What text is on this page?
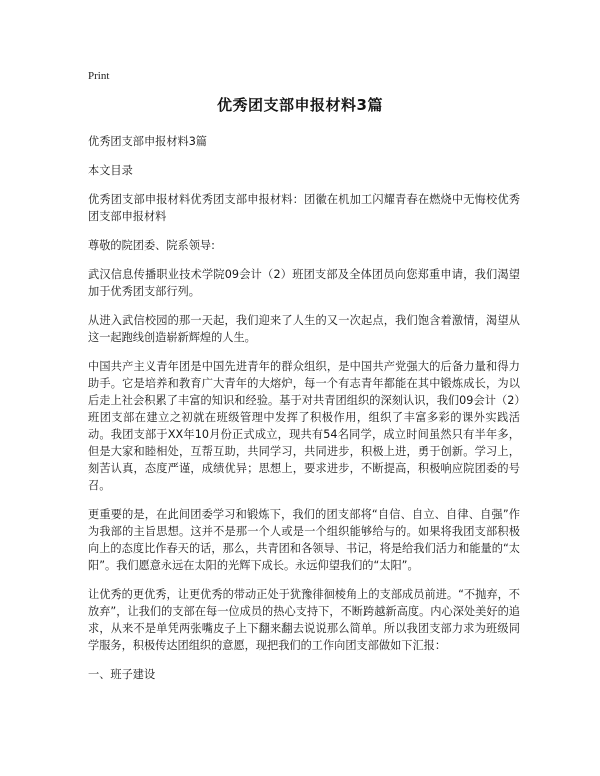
Print
优秀团支部申报材料3篇

优秀团支部申报材料3篇

本文目录

优秀团支部申报材料优秀团支部申报材料：团徽在机加工闪耀青春在燃烧中无悔校优秀团支部申报材料

尊敬的院团委、院系领导:

武汉信息传播职业技术学院09会计（2）班团支部及全体团员向您郑重申请，我们渴望加于优秀团支部行列。

从进入武信校园的那一天起，我们迎来了人生的又一次起点，我们饱含着激情，渴望从这一起跑线创造崭新辉煌的人生。

中国共产主义青年团是中国先进青年的群众组织，是中国共产党强大的后备力量和得力助手。它是培养和教育广大青年的大熔炉，每一个有志青年都能在其中锻炼成长，为以后走上社会积累了丰富的知识和经验。基于对共青团组织的深刻认识，我们09会计（2）班团支部在建立之初就在班级管理中发挥了积极作用，组织了丰富多彩的课外实践活动。我团支部于XX年10月份正式成立，现共有54名同学，成立时间虽然只有半年多，但是大家和睦相处，互帮互助，共同学习，共同进步，积极上进，勇于创新。学习上，刻苦认真，态度严谨，成绩优异；思想上，要求进步，不断提高，积极响应院团委的号召。

更重要的是，在此间团委学习和锻炼下，我们的团支部将“自信、自立、自律、自强”作为我部的主旨思想。这并不是那一个人或是一个组织能够给与的。如果将我团支部积极向上的态度比作春天的话，那么，共青团和各领导、书记，将是给我们活力和能量的“太阳”。我们愿意永远在太阳的光辉下成长。永远仰望我们的“太阳”。

让优秀的更优秀，让更优秀的带动正处于犹豫徘徊棱角上的支部成员前进。“不抛弃，不放弃”，让我们的支部在每一位成员的热心支持下，不断跨越新高度。内心深处美好的追求，从来不是单凭两张嘴皮子上下翻来翻去说说那么简单。所以我团支部力求为班级同学服务，积极传达团组织的意愿，现把我们的工作向团支部做如下汇报：

一、班子建设
